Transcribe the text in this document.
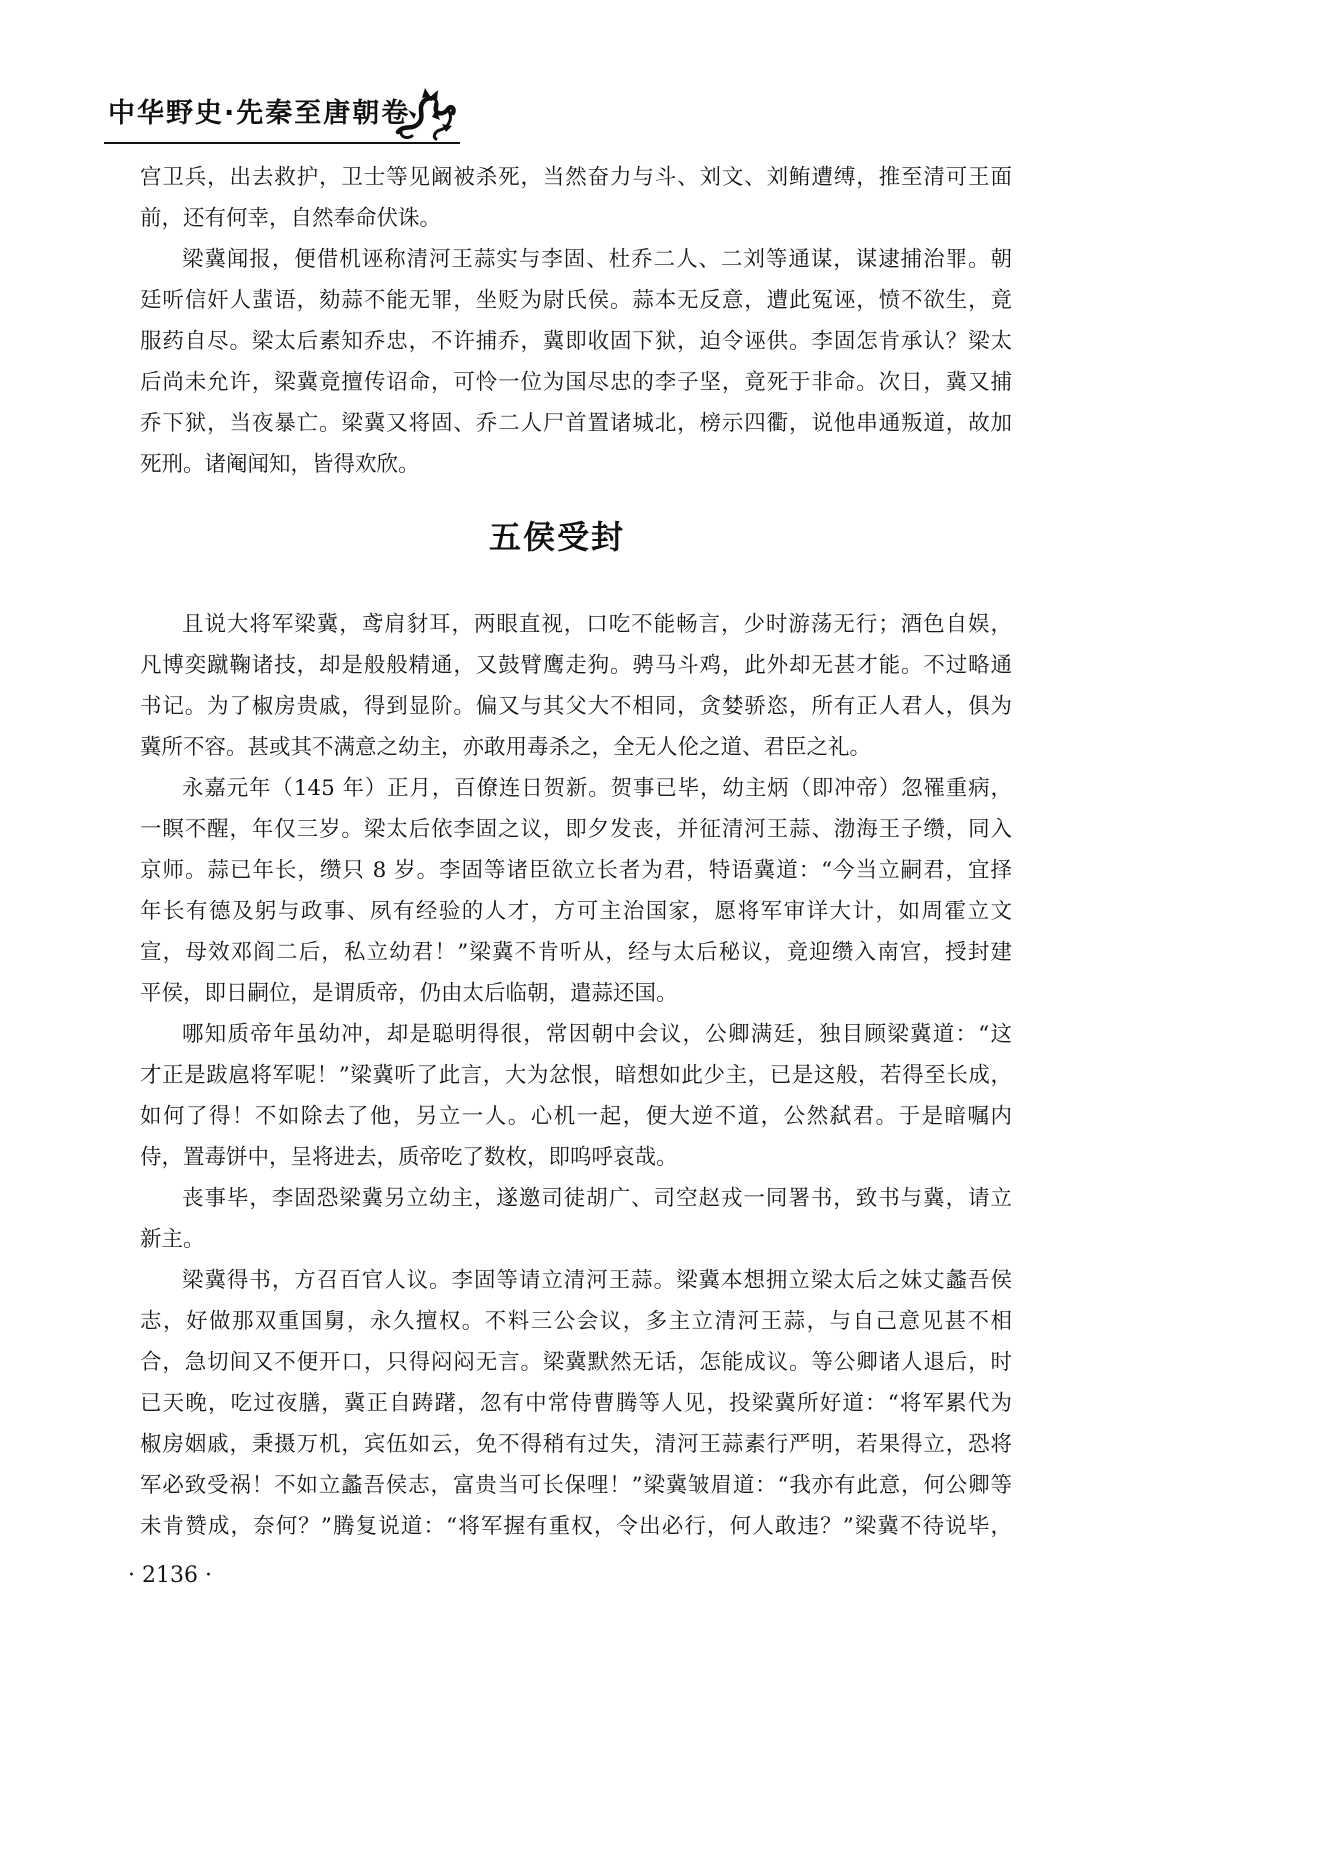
中华野史·先秦至唐朝卷
宫卫兵，出去救护，卫士等见阚被杀死，当然奋力与斗、刘文、刘鲔遭缚，推至清可王面
前，还有何幸，自然奉命伏诛。
梁冀闻报，便借机诬称清河王蒜实与李固、杜乔二人、二刘等通谋，谋逮捕治罪。朝
廷听信奸人蜚语，劾蒜不能无罪，坐贬为尉氏侯。蒜本无反意，遭此冤诬，愤不欲生，竟
服药自尽。梁太后素知乔忠，不许捕乔，冀即收固下狱，迫令诬供。李固怎肯承认？梁太
后尚未允许，梁冀竟擅传诏命，可怜一位为国尽忠的李子坚，竟死于非命。次日，冀又捕
乔下狱，当夜暴亡。梁冀又将固、乔二人尸首置诸城北，榜示四衢，说他串通叛道，故加
死刑。诸阉闻知，皆得欢欣。
五侯受封
且说大将军梁冀，鸢肩豺耳，两眼直视，口吃不能畅言，少时游荡无行；酒色自娱，
凡博奕蹴鞠诸技，却是般般精通，又鼓臂鹰走狗。骋马斗鸡，此外却无甚才能。不过略通
书记。为了椒房贵戚，得到显阶。偏又与其父大不相同，贪婪骄恣，所有正人君人，俱为
冀所不容。甚或其不满意之幼主，亦敢用毒杀之，全无人伦之道、君臣之礼。
永嘉元年（145 年）正月，百僚连日贺新。贺事已毕，幼主炳（即冲帝）忽罹重病，
一瞑不醒，年仅三岁。梁太后依李固之议，即夕发丧，并征清河王蒜、渤海王子缵，同入
京师。蒜已年长，缵只 8 岁。李固等诸臣欲立长者为君，特语冀道：“今当立嗣君，宜择
年长有德及躬与政事、夙有经验的人才，方可主治国家，愿将军审详大计，如周霍立文
宣，母效邓阎二后，私立幼君！”梁冀不肯听从，经与太后秘议，竟迎缵入南宫，授封建
平侯，即日嗣位，是谓质帝，仍由太后临朝，遣蒜还国。
哪知质帝年虽幼冲，却是聪明得很，常因朝中会议，公卿满廷，独目顾梁冀道：“这
才正是跋扈将军呢！”梁冀听了此言，大为忿恨，暗想如此少主，已是这般，若得至长成，
如何了得！不如除去了他，另立一人。心机一起，便大逆不道，公然弑君。于是暗嘱内
侍，置毒饼中，呈将进去，质帝吃了数枚，即呜呼哀哉。
丧事毕，李固恐梁冀另立幼主，遂邀司徒胡广、司空赵戎一同署书，致书与冀，请立
新主。
梁冀得书，方召百官人议。李固等请立清河王蒜。梁冀本想拥立梁太后之妹丈蠡吾侯
志，好做那双重国舅，永久擅权。不料三公会议，多主立清河王蒜，与自己意见甚不相
合，急切间又不便开口，只得闷闷无言。梁冀默然无话，怎能成议。等公卿诸人退后，时
已天晚，吃过夜膳，冀正自踌躇，忽有中常侍曹腾等人见，投梁冀所好道：“将军累代为
椒房姻戚，秉摄万机，宾伍如云，免不得稍有过失，清河王蒜素行严明，若果得立，恐将
军必致受祸！不如立蠡吾侯志，富贵当可长保哩！”梁冀皱眉道：“我亦有此意，何公卿等
未肯赞成，奈何？”腾复说道：“将军握有重权，令出必行，何人敢违？”梁冀不待说毕，
· 2136 ·
